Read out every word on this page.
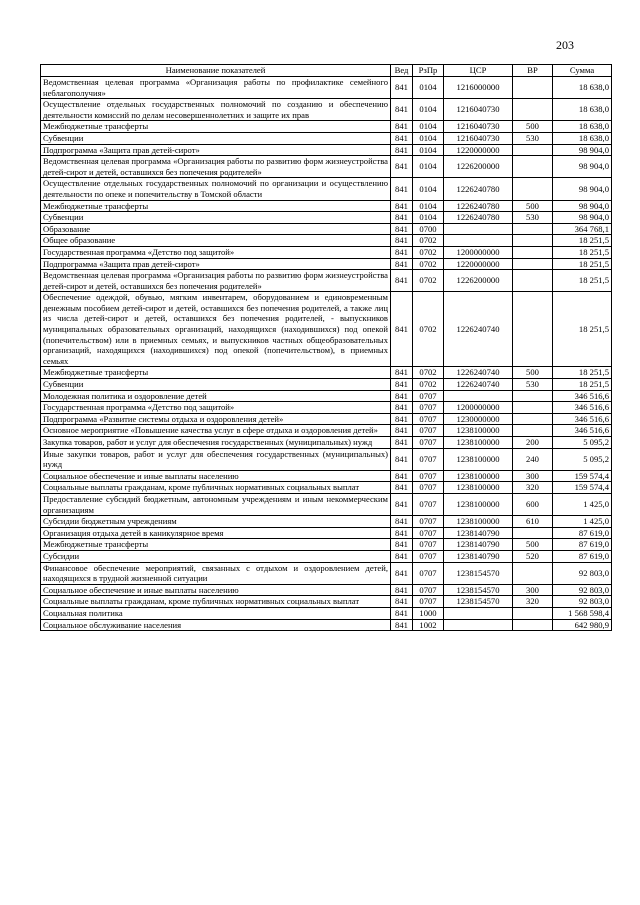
203
Наименование показателей	Вед	РзПр	ЦСР	ВР	Сумма
Ведомственная целевая программа «Организация работы по профилактике семейного неблагополучия»	841	0104	1216000000		18 638,0
Осуществление отдельных государственных полномочий по созданию и обеспечению деятельности комиссий по делам несовершеннолетних и защите их прав	841	0104	1216040730		18 638,0
Межбюджетные трансферты	841	0104	1216040730	500	18 638,0
Субвенции	841	0104	1216040730	530	18 638,0
Подпрограмма «Защита прав детей-сирот»	841	0104	1220000000		98 904,0
Ведомственная целевая программа «Организация работы по развитию форм жизнеустройства детей-сирот и детей, оставшихся без попечения родителей»	841	0104	1226200000		98 904,0
Осуществление отдельных государственных полномочий по организации и осуществлению деятельности по опеке и попечительству в Томской области	841	0104	1226240780		98 904,0
Межбюджетные трансферты	841	0104	1226240780	500	98 904,0
Субвенции	841	0104	1226240780	530	98 904,0
Образование	841	0700			364 768,1
Общее образование	841	0702			18 251,5
Государственная программа «Детство под защитой»	841	0702	1200000000		18 251,5
Подпрограмма «Защита прав детей-сирот»	841	0702	1220000000		18 251,5
Ведомственная целевая программа «Организация работы по развитию форм жизнеустройства детей-сирот и детей, оставшихся без попечения родителей»	841	0702	1226200000		18 251,5
Обеспечение одеждой, обувью, мягким инвентарем, оборудованием и единовременным денежным пособием детей-сирот и детей, оставшихся без попечения родителей, а также лиц из числа детей-сирот и детей, оставшихся без попечения родителей, - выпускников муниципальных образовательных организаций, находящихся (находившихся) под опекой (попечительством) или в приемных семьях, и выпускников частных общеобразовательных организаций, находящихся (находившихся) под опекой (попечительством), в приемных семьях	841	0702	1226240740		18 251,5
Межбюджетные трансферты	841	0702	1226240740	500	18 251,5
Субвенции	841	0702	1226240740	530	18 251,5
Молодежная политика и оздоровление детей	841	0707			346 516,6
Государственная программа «Детство под защитой»	841	0707	1200000000		346 516,6
Подпрограмма «Развитие системы отдыха и оздоровления детей»	841	0707	1230000000		346 516,6
Основное мероприятие «Повышение качества услуг в сфере отдыха и оздоровления детей»	841	0707	1238100000		346 516,6
Закупка товаров, работ и услуг для обеспечения государственных (муниципальных) нужд	841	0707	1238100000	200	5 095,2
Иные закупки товаров, работ и услуг для обеспечения государственных (муниципальных) нужд	841	0707	1238100000	240	5 095,2
Социальное обеспечение и иные выплаты населению	841	0707	1238100000	300	159 574,4
Социальные выплаты гражданам, кроме публичных нормативных социальных выплат	841	0707	1238100000	320	159 574,4
Предоставление субсидий бюджетным, автономным учреждениям и иным некоммерческим организациям	841	0707	1238100000	600	1 425,0
Субсидии бюджетным учреждениям	841	0707	1238100000	610	1 425,0
Организация отдыха детей в каникулярное время	841	0707	1238140790		87 619,0
Межбюджетные трансферты	841	0707	1238140790	500	87 619,0
Субсидии	841	0707	1238140790	520	87 619,0
Финансовое обеспечение мероприятий, связанных с отдыхом и оздоровлением детей, находящихся в трудной жизненной ситуации	841	0707	1238154570		92 803,0
Социальное обеспечение и иные выплаты населению	841	0707	1238154570	300	92 803,0
Социальные выплаты гражданам, кроме публичных нормативных социальных выплат	841	0707	1238154570	320	92 803,0
Социальная политика	841	1000			1 568 598,4
Социальное обслуживание населения	841	1002			642 980,9
